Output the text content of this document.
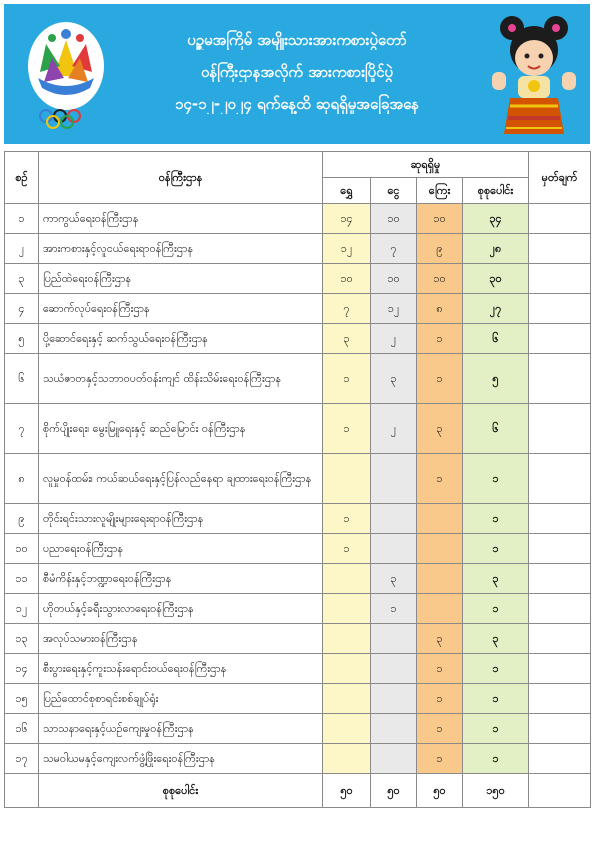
ပဉ္စမအကြိမ် အမျိုးသားအားကစားပွဲတော်
ဝန်ကြီးဌာနအလိုက် အားကစားပြိုင်ပွဲ
၁၄-၁၂-၂၀၂၄ ရက်နေ့ထိ ဆုရရှိမှုအခြေအနေ
စဉ်	ဝန်ကြီးဌာန	ဆုရရှိမှု				မှတ်ချက်
		ရွှေ	ငွေ	ကြေး	စုစုပေါင်း	
၁	ကာကွယ်ရေးဝန်ကြီးဌာန	၁၄	၁၀	၁၀	၃၄	
၂	အားကစားနှင့်လူငယ်ရေးရာဝန်ကြီးဌာန	၁၂	၇	၉	၂၈	
၃	ပြည်ထဲရေးဝန်ကြီးဌာန	၁၀	၁၀	၁၀	၃၀	
၄	ဆောက်လုပ်ရေးဝန်ကြီးဌာန	၇	၁၂	၈	၂၇	
၅	ပို့ဆောင်ရေးနှင့် ဆက်သွယ်ရေးဝန်ကြီးဌာန	၃	၂	၁	၆	
၆	သယံဇာတနှင့်သဘာဝပတ်ဝန်းကျင် ထိန်းသိမ်းရေးဝန်ကြီးဌာန	၁	၃	၁	၅	
၇	စိုက်ပျိုးရေး၊ မွေးမြူရေးနှင့် ဆည်မြောင်း ဝန်ကြီးဌာန	၁	၂	၃	၆	
၈	လူမှုဝန်ထမ်း၊ ကယ်ဆယ်ရေးနှင့်ပြန်လည်နေရာ ချထားရေးဝန်ကြီးဌာန			၁	၁	
၉	တိုင်းရင်းသားလူမျိုးများရေးရာဝန်ကြီးဌာန	၁			၁	
၁၀	ပညာရေးဝန်ကြီးဌာန	၁			၁	
၁၁	စီမံကိန်းနှင့်ဘဏ္ဍာရေးဝန်ကြီးဌာန		၃		၃	
၁၂	ဟိုတယ်နှင့်ခရီးသွားလာရေးဝန်ကြီးဌာန		၁		၁	
၁၃	အလုပ်သမားဝန်ကြီးဌာန			၃	၃	
၁၄	စီးပွားရေးနှင့်ကူးသန်းရောင်းဝယ်ရေးဝန်ကြီးဌာန			၁	၁	
၁၅	ပြည်ထောင်စုစာရင်းစစ်ချုပ်ရုံး			၁	၁	
၁၆	သာသနာရေးနှင့်ယဉ်ကျေးမှုဝန်ကြီးဌာန			၁	၁	
၁၇	သမဝါယမနှင့်ကျေးလက်ဖွံ့ဖြိုးရေးဝန်ကြီးဌာန			၁	၁	
	စုစုပေါင်း	၅၀	၅၀	၅၀	၁၅၀	
